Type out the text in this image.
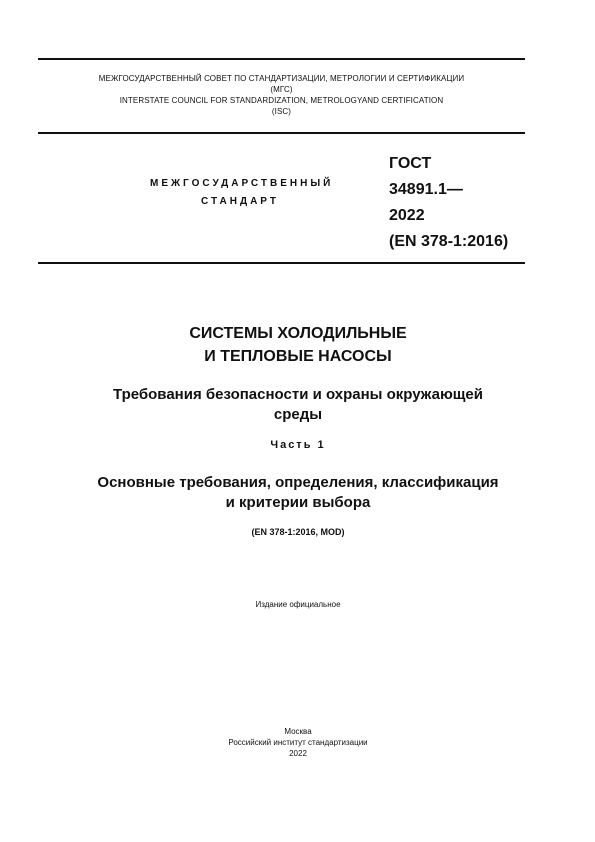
МЕЖГОСУДАРСТВЕННЫЙ СОВЕТ ПО СТАНДАРТИЗАЦИИ, МЕТРОЛОГИИ И СЕРТИФИКАЦИИ
(МГС)
INTERSTATE COUNCIL FOR STANDARDIZATION, METROLOGYAND CERTIFICATION
(ISC)
МЕЖГОСУДАРСТВЕННЫЙ
СТАНДАРТ
ГОСТ
34891.1—
2022
(EN 378-1:2016)
СИСТЕМЫ ХОЛОДИЛЬНЫЕ
И ТЕПЛОВЫЕ НАСОСЫ
Требования безопасности и охраны окружающей
среды
Часть 1
Основные требования, определения, классификация
и критерии выбора
(EN 378-1:2016, MOD)
Издание официальное
Москва
Российский институт стандартизации
2022
